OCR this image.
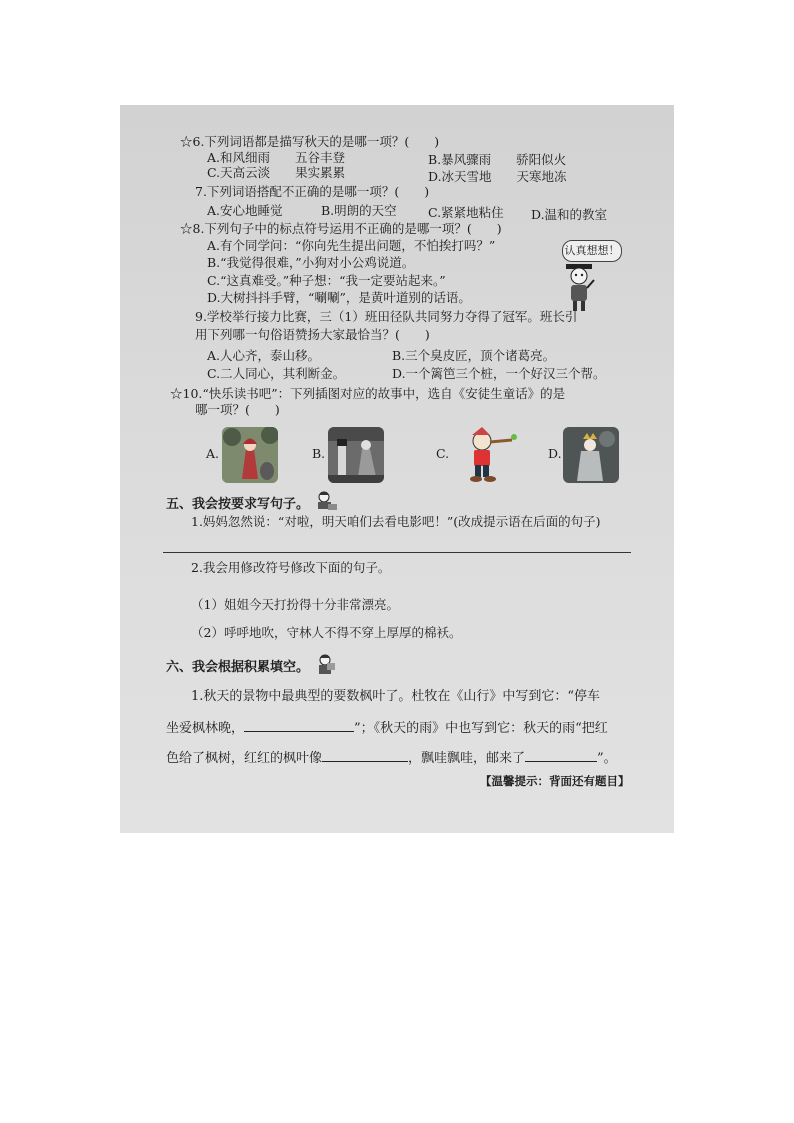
☆6.下列词语都是描写秋天的是哪一项？(　　)
A.和风细雨　　五谷丰登	B.暴风骤雨　　骄阳似火
C.天高云淡　　果实累累	D.冰天雪地　　天寒地冻
7.下列词语搭配不正确的是哪一项？(　　)
A.安心地睡觉	B.明朗的天空	C.紧紧地粘住 D.温和的教室
☆8.下列句子中的标点符号运用不正确的是哪一项？(　　)
A.有个同学问：“你向先生提出问题，不怕挨打吗？”
B.“我觉得很难，”小狗对小公鸡说道。
C.“这真难受。”种子想：“我一定要站起来。”
D.大树抖抖手臂，“唰唰”，是黄叶道别的话语。
认真想想！
9.学校举行接力比赛，三（1）班田径队共同努力夺得了冠军。班长引
用下列哪一句俗语赞扬大家最恰当？(　　)
A.人心齐，泰山移。	B.三个臭皮匠，顶个诸葛亮。
C.二人同心，其利断金。	D.一个篱笆三个桩，一个好汉三个帮。
☆10.“快乐读书吧”：下列插图对应的故事中，选自《安徒生童话》的是
哪一项？(　　)
A.	B.	C.	D.
五、我会按要求写句子。
1.妈妈忽然说：“对啦，明天咱们去看电影吧！”(改成提示语在后面的句子)
2.我会用修改符号修改下面的句子。
（1）姐姐今天打扮得十分非常漂亮。
（2）呼呼地吹，守林人不得不穿上厚厚的棉袄。
六、我会根据积累填空。
1.秋天的景物中最典型的要数枫叶了。杜牧在《山行》中写到它：“停车
坐爱枫林晚，	”；《秋天的雨》中也写到它：秋天的雨“把红
色给了枫树，红红的枫叶像	，飘哇飘哇，邮来了	”。
【温馨提示：背面还有题目】
